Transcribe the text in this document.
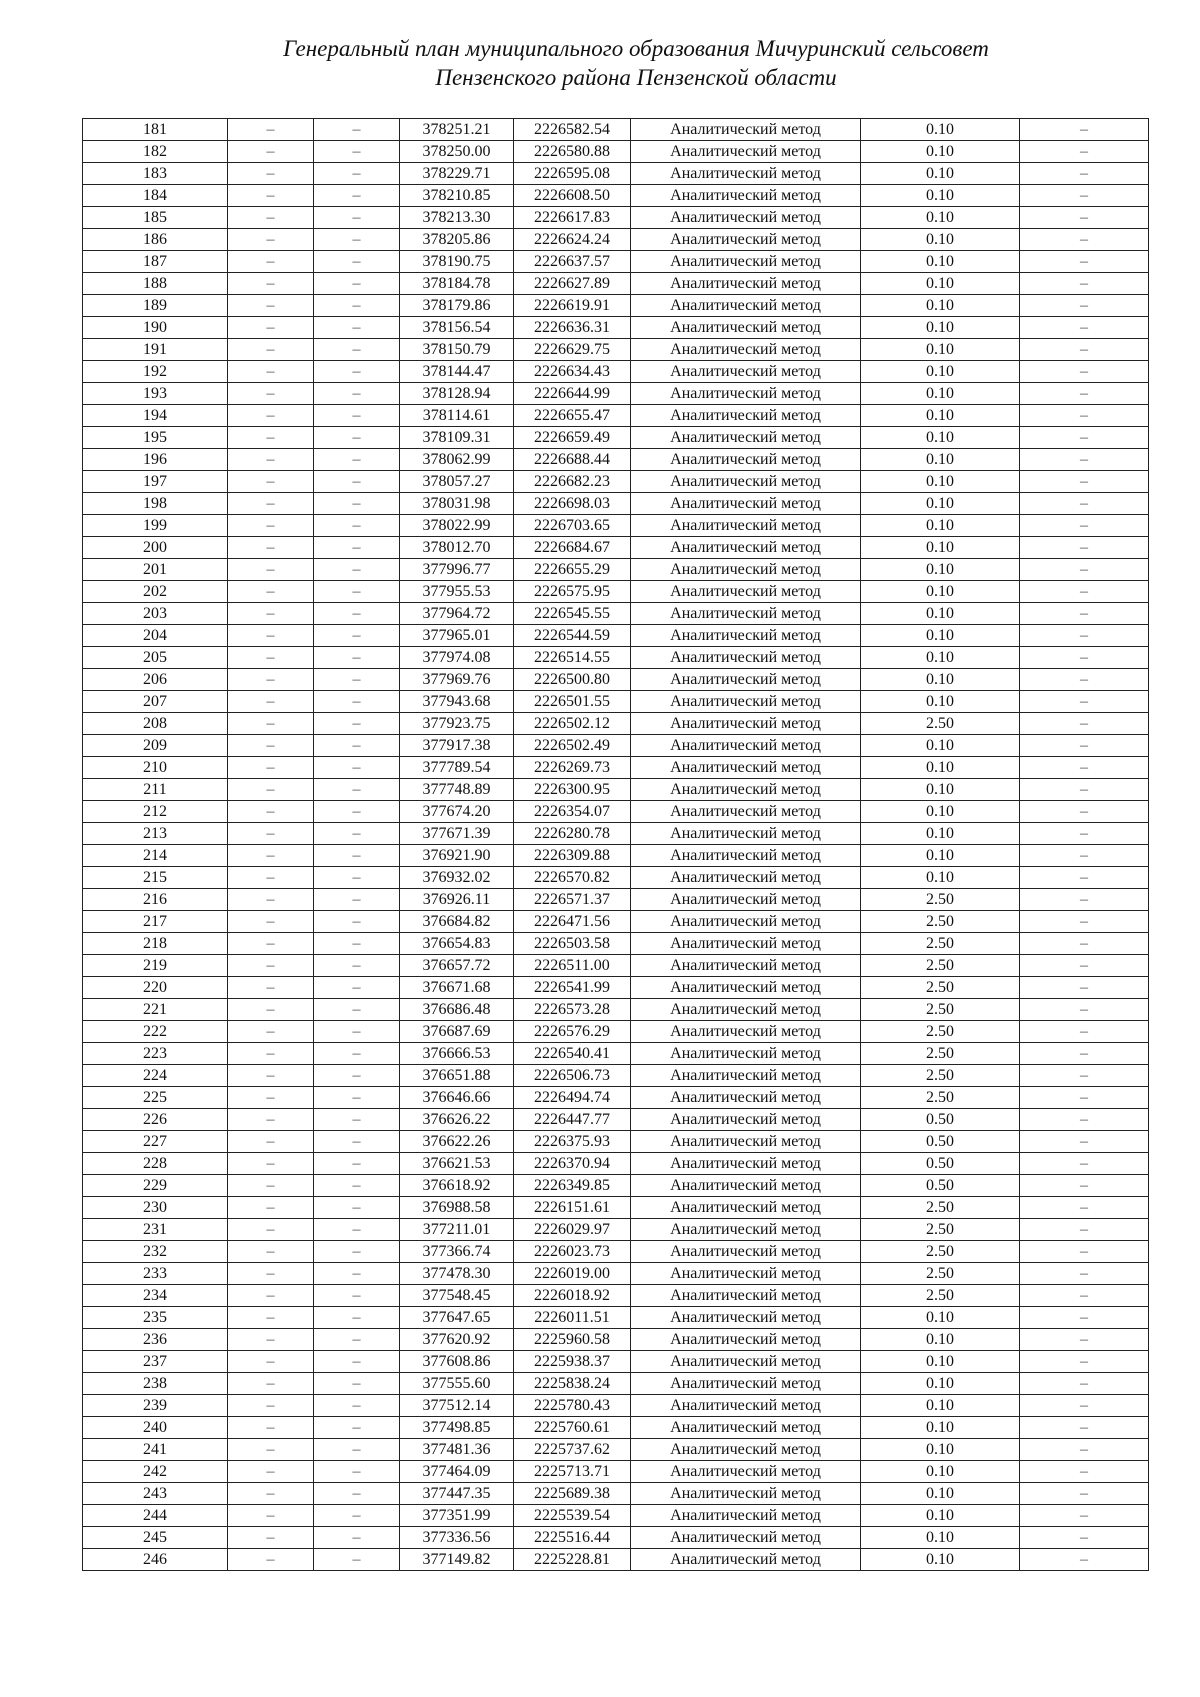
Генеральный план муниципального образования Мичуринский сельсовет
Пензенского района Пензенской области
181	–	–	378251.21	2226582.54	Аналитический метод	0.10	–
182	–	–	378250.00	2226580.88	Аналитический метод	0.10	–
183	–	–	378229.71	2226595.08	Аналитический метод	0.10	–
184	–	–	378210.85	2226608.50	Аналитический метод	0.10	–
185	–	–	378213.30	2226617.83	Аналитический метод	0.10	–
186	–	–	378205.86	2226624.24	Аналитический метод	0.10	–
187	–	–	378190.75	2226637.57	Аналитический метод	0.10	–
188	–	–	378184.78	2226627.89	Аналитический метод	0.10	–
189	–	–	378179.86	2226619.91	Аналитический метод	0.10	–
190	–	–	378156.54	2226636.31	Аналитический метод	0.10	–
191	–	–	378150.79	2226629.75	Аналитический метод	0.10	–
192	–	–	378144.47	2226634.43	Аналитический метод	0.10	–
193	–	–	378128.94	2226644.99	Аналитический метод	0.10	–
194	–	–	378114.61	2226655.47	Аналитический метод	0.10	–
195	–	–	378109.31	2226659.49	Аналитический метод	0.10	–
196	–	–	378062.99	2226688.44	Аналитический метод	0.10	–
197	–	–	378057.27	2226682.23	Аналитический метод	0.10	–
198	–	–	378031.98	2226698.03	Аналитический метод	0.10	–
199	–	–	378022.99	2226703.65	Аналитический метод	0.10	–
200	–	–	378012.70	2226684.67	Аналитический метод	0.10	–
201	–	–	377996.77	2226655.29	Аналитический метод	0.10	–
202	–	–	377955.53	2226575.95	Аналитический метод	0.10	–
203	–	–	377964.72	2226545.55	Аналитический метод	0.10	–
204	–	–	377965.01	2226544.59	Аналитический метод	0.10	–
205	–	–	377974.08	2226514.55	Аналитический метод	0.10	–
206	–	–	377969.76	2226500.80	Аналитический метод	0.10	–
207	–	–	377943.68	2226501.55	Аналитический метод	0.10	–
208	–	–	377923.75	2226502.12	Аналитический метод	2.50	–
209	–	–	377917.38	2226502.49	Аналитический метод	0.10	–
210	–	–	377789.54	2226269.73	Аналитический метод	0.10	–
211	–	–	377748.89	2226300.95	Аналитический метод	0.10	–
212	–	–	377674.20	2226354.07	Аналитический метод	0.10	–
213	–	–	377671.39	2226280.78	Аналитический метод	0.10	–
214	–	–	376921.90	2226309.88	Аналитический метод	0.10	–
215	–	–	376932.02	2226570.82	Аналитический метод	0.10	–
216	–	–	376926.11	2226571.37	Аналитический метод	2.50	–
217	–	–	376684.82	2226471.56	Аналитический метод	2.50	–
218	–	–	376654.83	2226503.58	Аналитический метод	2.50	–
219	–	–	376657.72	2226511.00	Аналитический метод	2.50	–
220	–	–	376671.68	2226541.99	Аналитический метод	2.50	–
221	–	–	376686.48	2226573.28	Аналитический метод	2.50	–
222	–	–	376687.69	2226576.29	Аналитический метод	2.50	–
223	–	–	376666.53	2226540.41	Аналитический метод	2.50	–
224	–	–	376651.88	2226506.73	Аналитический метод	2.50	–
225	–	–	376646.66	2226494.74	Аналитический метод	2.50	–
226	–	–	376626.22	2226447.77	Аналитический метод	0.50	–
227	–	–	376622.26	2226375.93	Аналитический метод	0.50	–
228	–	–	376621.53	2226370.94	Аналитический метод	0.50	–
229	–	–	376618.92	2226349.85	Аналитический метод	0.50	–
230	–	–	376988.58	2226151.61	Аналитический метод	2.50	–
231	–	–	377211.01	2226029.97	Аналитический метод	2.50	–
232	–	–	377366.74	2226023.73	Аналитический метод	2.50	–
233	–	–	377478.30	2226019.00	Аналитический метод	2.50	–
234	–	–	377548.45	2226018.92	Аналитический метод	2.50	–
235	–	–	377647.65	2226011.51	Аналитический метод	0.10	–
236	–	–	377620.92	2225960.58	Аналитический метод	0.10	–
237	–	–	377608.86	2225938.37	Аналитический метод	0.10	–
238	–	–	377555.60	2225838.24	Аналитический метод	0.10	–
239	–	–	377512.14	2225780.43	Аналитический метод	0.10	–
240	–	–	377498.85	2225760.61	Аналитический метод	0.10	–
241	–	–	377481.36	2225737.62	Аналитический метод	0.10	–
242	–	–	377464.09	2225713.71	Аналитический метод	0.10	–
243	–	–	377447.35	2225689.38	Аналитический метод	0.10	–
244	–	–	377351.99	2225539.54	Аналитический метод	0.10	–
245	–	–	377336.56	2225516.44	Аналитический метод	0.10	–
246	–	–	377149.82	2225228.81	Аналитический метод	0.10	–
